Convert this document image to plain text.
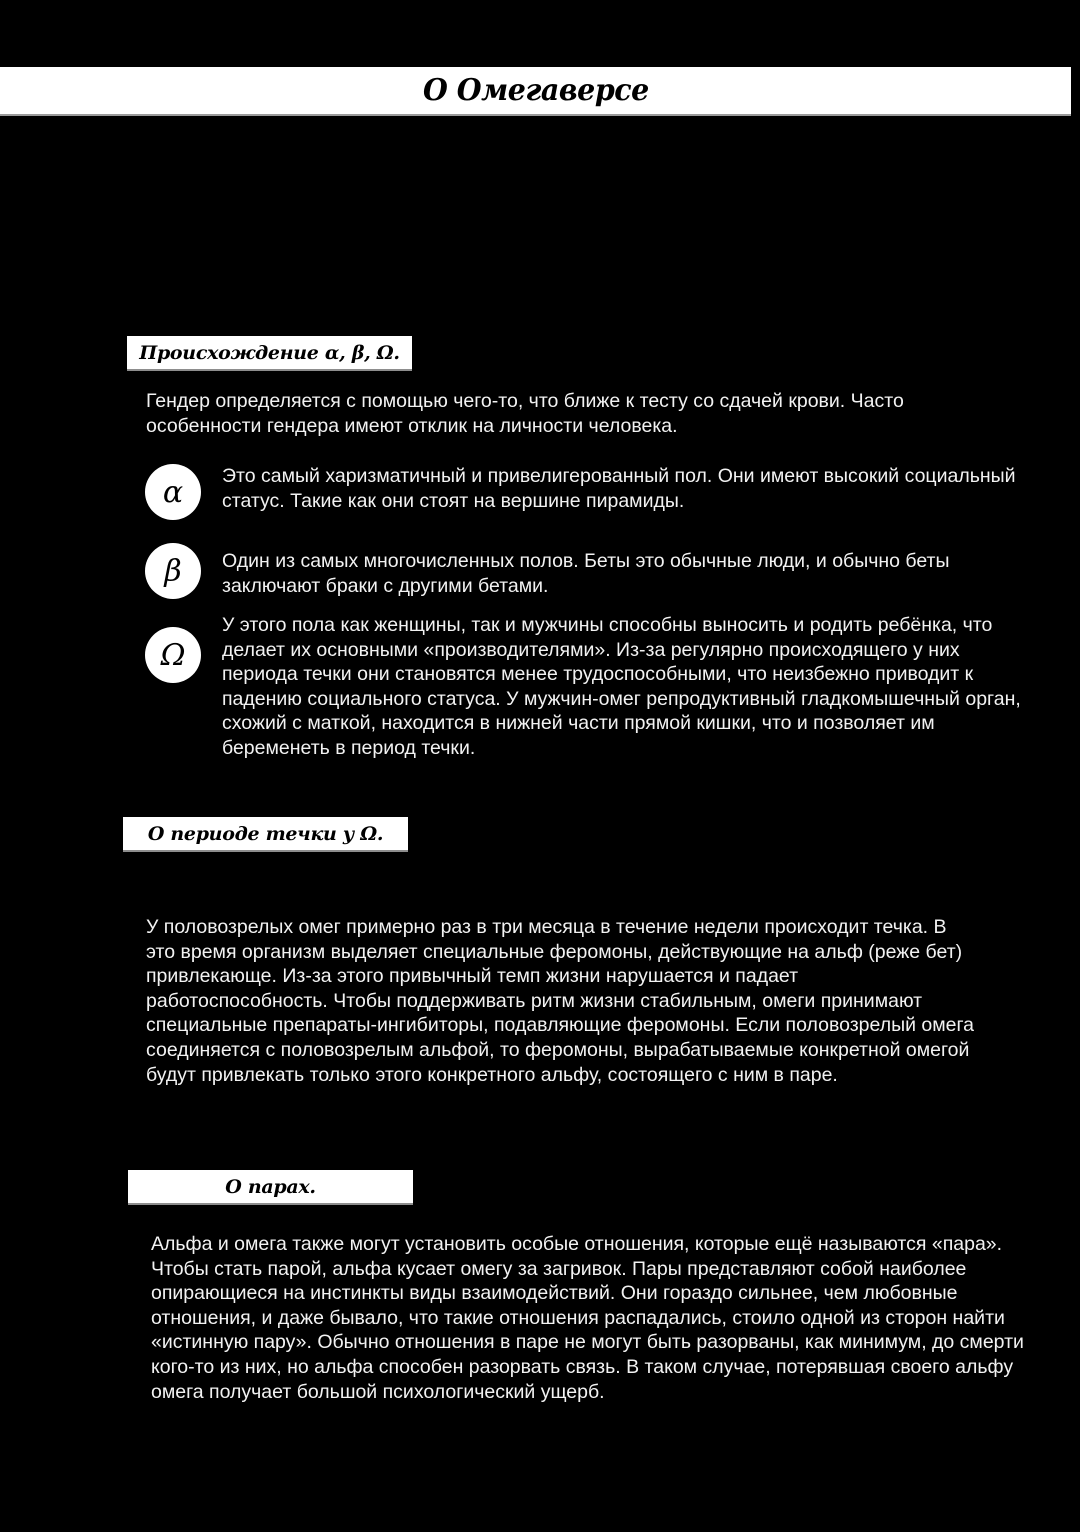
О Омегаверсе
Происхождение α, β, Ω.
Гендер определяется с помощью чего-то, что ближе к тесту со сдачей крови. Часто особенности гендера имеют отклик на личности человека.
α	Это самый харизматичный и привелигерованный пол. Они имеют высокий социальный статус. Такие как они стоят на вершине пирамиды.
β	Один из самых многочисленных полов. Беты это обычные люди, и обычно беты заключают браки с другими бетами.
Ω
У этого пола как женщины, так и мужчины способны выносить и родить ребёнка, что делает их основными «производителями». Из-за регулярно происходящего у них периода течки они становятся менее трудоспособными, что неизбежно приводит к падению социального статуса. У мужчин-омег репродуктивный гладкомышечный орган, схожий с маткой, находится в нижней части прямой кишки, что и позволяет им беременеть в период течки.
О периоде течки у Ω.
У половозрелых омег примерно раз в три месяца в течение недели происходит течка. В это время организм выделяет специальные феромоны, действующие на альф (реже бет) привлекающе. Из-за этого привычный темп жизни нарушается и падает работоспособность. Чтобы поддерживать ритм жизни стабильным, омеги принимают специальные препараты-ингибиторы, подавляющие феромоны. Если половозрелый омега соединяется с половозрелым альфой, то феромоны, вырабатываемые конкретной омегой будут привлекать только этого конкретного альфу, состоящего с ним в паре.
О парах.
Альфа и омега также могут установить особые отношения, которые ещё называются «пара». Чтобы стать парой, альфа кусает омегу за загривок. Пары представляют собой наиболее опирающиеся на инстинкты виды взаимодействий. Они гораздо сильнее, чем любовные отношения, и даже бывало, что такие отношения распадались, стоило одной из сторон найти «истинную пару». Обычно отношения в паре не могут быть разорваны, как минимум, до смерти кого-то из них, но альфа способен разорвать связь. В таком случае, потерявшая своего альфу омега получает большой психологический ущерб.
